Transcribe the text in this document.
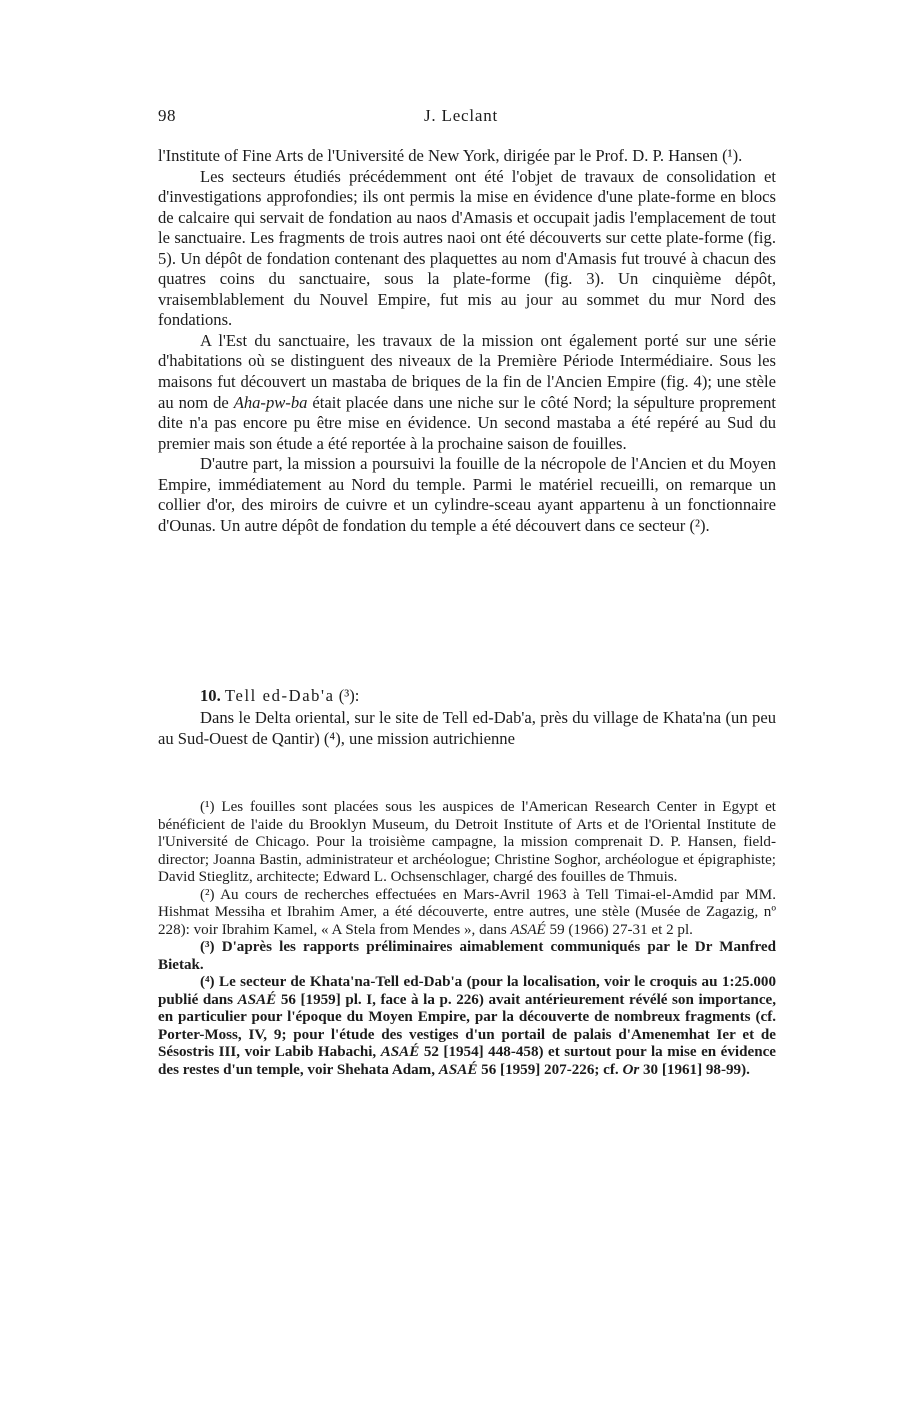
98	J. Leclant

l'Institute of Fine Arts de l'Université de New York, dirigée par le Prof. D. P. Hansen (¹).

Les secteurs étudiés précédemment ont été l'objet de travaux de consolidation et d'investigations approfondies; ils ont permis la mise en évidence d'une plate-forme en blocs de calcaire qui servait de fondation au naos d'Amasis et occupait jadis l'emplacement de tout le sanctuaire. Les fragments de trois autres naoi ont été découverts sur cette plate-forme (fig. 5). Un dépôt de fondation contenant des plaquettes au nom d'Amasis fut trouvé à chacun des quatres coins du sanctuaire, sous la plate-forme (fig. 3). Un cinquième dépôt, vraisemblablement du Nouvel Empire, fut mis au jour au sommet du mur Nord des fondations.

A l'Est du sanctuaire, les travaux de la mission ont également porté sur une série d'habitations où se distinguent des niveaux de la Première Période Intermédiaire. Sous les maisons fut découvert un mastaba de briques de la fin de l'Ancien Empire (fig. 4); une stèle au nom de Aha-pw-ba était placée dans une niche sur le côté Nord; la sépulture proprement dite n'a pas encore pu être mise en évidence. Un second mastaba a été repéré au Sud du premier mais son étude a été reportée à la prochaine saison de fouilles.

D'autre part, la mission a poursuivi la fouille de la nécropole de l'Ancien et du Moyen Empire, immédiatement au Nord du temple. Parmi le matériel recueilli, on remarque un collier d'or, des miroirs de cuivre et un cylindre-sceau ayant appartenu à un fonctionnaire d'Ounas. Un autre dépôt de fondation du temple a été découvert dans ce secteur (²).

10. Tell ed-Dab'a (³):

Dans le Delta oriental, sur le site de Tell ed-Dab'a, près du village de Khata'na (un peu au Sud-Ouest de Qantir) (⁴), une mission autrichienne

(¹) Les fouilles sont placées sous les auspices de l'American Research Center in Egypt et bénéficient de l'aide du Brooklyn Museum, du Detroit Institute of Arts et de l'Oriental Institute de l'Université de Chicago. Pour la troisième campagne, la mission comprenait D. P. Hansen, field-director; Joanna Bastin, administrateur et archéologue; Christine Soghor, archéologue et épigraphiste; David Stieglitz, architecte; Edward L. Ochsenschlager, chargé des fouilles de Thmuis.

(²) Au cours de recherches effectuées en Mars-Avril 1963 à Tell Timai-el-Amdid par MM. Hishmat Messiha et Ibrahim Amer, a été découverte, entre autres, une stèle (Musée de Zagazig, nº 228): voir Ibrahim Kamel, « A Stela from Mendes », dans ASAÉ 59 (1966) 27-31 et 2 pl.

(³) D'après les rapports préliminaires aimablement communiqués par le Dr Manfred Bietak.

(⁴) Le secteur de Khata'na-Tell ed-Dab'a (pour la localisation, voir le croquis au 1:25.000 publié dans ASAÉ 56 [1959] pl. I, face à la p. 226) avait antérieurement révélé son importance, en particulier pour l'époque du Moyen Empire, par la découverte de nombreux fragments (cf. Porter-Moss, IV, 9; pour l'étude des vestiges d'un portail de palais d'Amenemhat Ier et de Sésostris III, voir Labib Habachi, ASAÉ 52 [1954] 448-458) et surtout pour la mise en évidence des restes d'un temple, voir Shehata Adam, ASAÉ 56 [1959] 207-226; cf. Or 30 [1961] 98-99).
